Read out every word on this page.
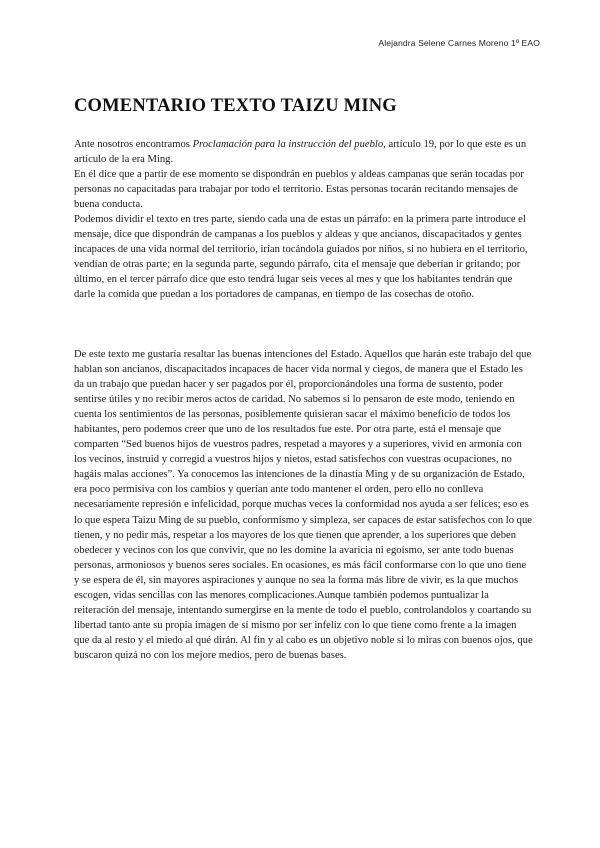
Alejandra Selene Carnes Moreno 1º EAO
COMENTARIO TEXTO TAIZU MING

Ante nosotros encontramos Proclamación para la instrucción del pueblo, artículo 19, por lo que este es un artículo de la era Ming.

En él dice que a partir de ese momento se dispondrán en pueblos y aldeas campanas que serán tocadas por personas no capacitadas para trabajar por todo el territorio. Estas personas tocarán recitando mensajes de buena conducta.

Podemos dividir el texto en tres parte, siendo cada una de estas un párrafo: en la primera parte introduce el mensaje, dice que dispondrán de campanas a los pueblos y aldeas y que ancianos, discapacitados y gentes incapaces de una vida normal del territorio, irían tocándola guiados por niños, si no hubiera en el territorio, vendían de otras parte; en la segunda parte, segundo párrafo, cita el mensaje que deberían ir gritando; por último, en el tercer párrafo dice que esto tendrá lugar seis veces al mes y que los habitantes tendrán que darle la comida que puedan a los portadores de campanas, en tiempo de las cosechas de otoño.

De este texto me gustaría resaltar las buenas intenciones del Estado. Aquellos que harán este trabajo del que hablan son ancianos, discapacitados incapaces de hacer vida normal y ciegos, de manera que el Estado les da un trabajo que puedan hacer y ser pagados por él, proporcionándoles una forma de sustento, poder sentirse útiles y no recibir meros actos de caridad. No sabemos si lo pensaron de este modo, teniendo en cuenta los sentimientos de las personas, posiblemente quisieran sacar el máximo beneficio de todos los habitantes, pero podemos creer que uno de los resultados fue este. Por otra parte, está el mensaje que comparten “Sed buenos hijos de vuestros padres, respetad a mayores y a superiores, vivid en armonía con los vecinos, instruid y corregid a vuestros hijos y nietos, estad satisfechos con vuestras ocupaciones, no hagáis malas acciones”. Ya conocemos las intenciones de la dinastía Ming y de su organización de Estado, era poco permisiva con los cambios y querían ante todo mantener el orden, pero ello no conlleva necesariamente represión e infelicidad, porque muchas veces la conformidad nos ayuda a ser felices; eso es lo que espera Taizu Ming de su pueblo, conformismo y simpleza, ser capaces de estar satisfechos con lo que tienen, y no pedir más, respetar a los mayores de los que tienen que aprender, a los superiores que deben obedecer y vecinos con los que convivir, que no les domine la avaricia ni egoísmo, ser ante todo buenas personas, armoniosos y buenos seres sociales. En ocasiones, es más fácil conformarse con lo que uno tiene y se espera de él, sin mayores aspiraciones y aunque no sea la forma más libre de vivir, es la que muchos escogen, vidas sencillas con las menores complicaciones.Aunque también podemos puntualizar la reiteración del mensaje, intentando sumergirse en la mente de todo el pueblo, controlandolos y coartando su libertad tanto ante su propia imagen de sí mismo por ser infeliz con lo que tiene como frente a la imagen que da al resto y el miedo al qué dirán. Al fin y al cabo es un objetivo noble si lo miras con buenos ojos, que buscaron quizá no con los mejore medios, pero de buenas bases.
